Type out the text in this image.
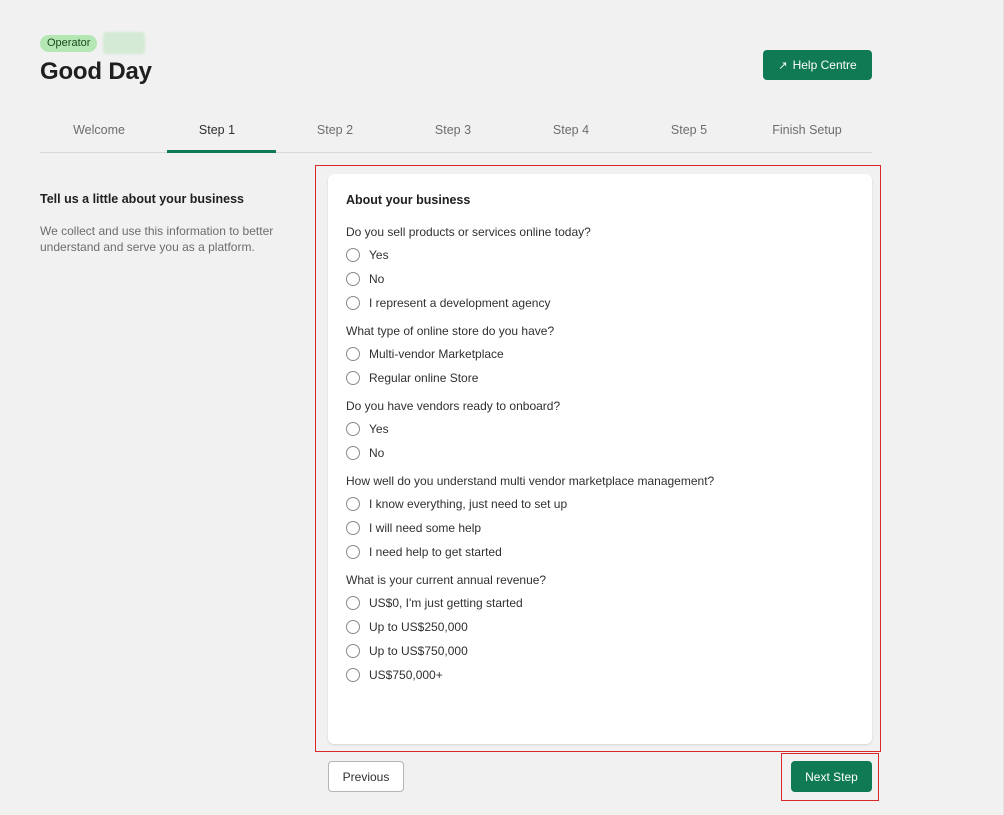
Operator
Good Day	↗ Help Centre
Welcome	Step 1	Step 2	Step 3	Step 4	Step 5	Finish Setup
Tell us a little about your business
We collect and use this information to better understand and serve you as a platform.
About your business
Do you sell products or services online today?
Yes
No
I represent a development agency
What type of online store do you have?
Multi-vendor Marketplace
Regular online Store
Do you have vendors ready to onboard?
Yes
No
How well do you understand multi vendor marketplace management?
I know everything, just need to set up
I will need some help
I need help to get started
What is your current annual revenue?
US$0, I'm just getting started
Up to US$250,000
Up to US$750,000
US$750,000+
Previous	Next Step
